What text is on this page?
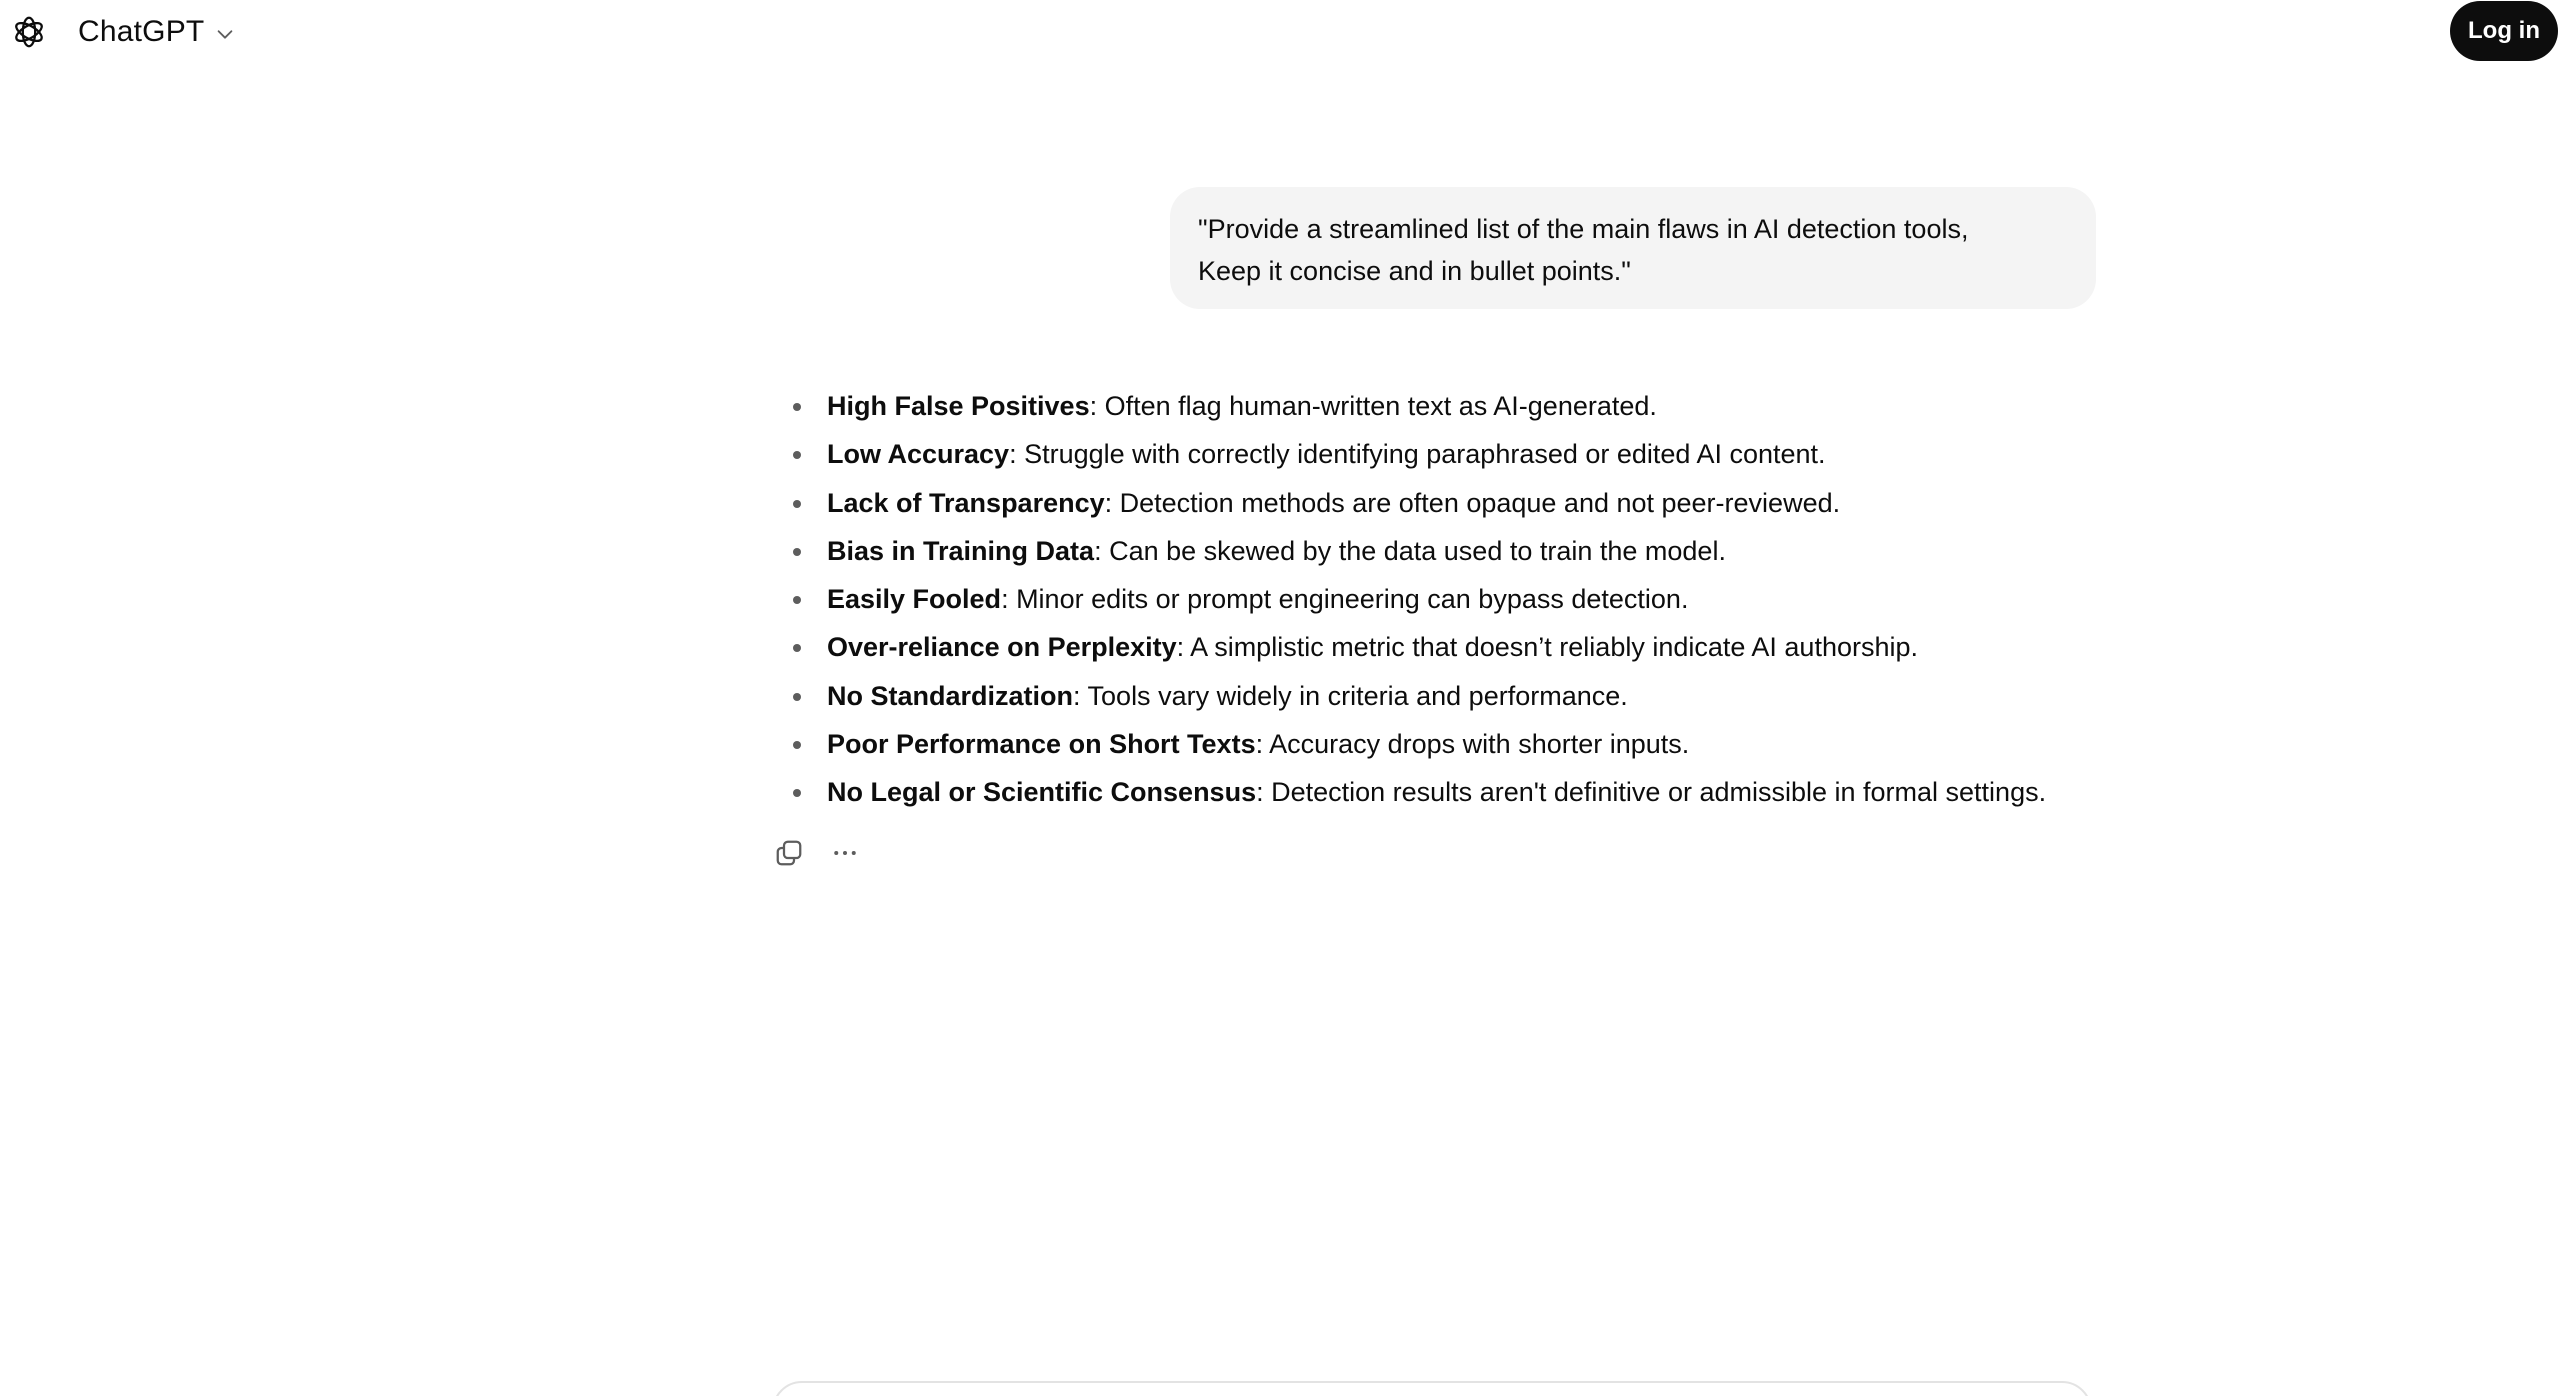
ChatGPT	Log in
"Provide a streamlined list of the main flaws in AI detection tools,
Keep it concise and in bullet points."
High False Positives: Often flag human-written text as AI-generated.
Low Accuracy: Struggle with correctly identifying paraphrased or edited AI content.
Lack of Transparency: Detection methods are often opaque and not peer-reviewed.
Bias in Training Data: Can be skewed by the data used to train the model.
Easily Fooled: Minor edits or prompt engineering can bypass detection.
Over-reliance on Perplexity: A simplistic metric that doesn’t reliably indicate AI authorship.
No Standardization: Tools vary widely in criteria and performance.
Poor Performance on Short Texts: Accuracy drops with shorter inputs.
No Legal or Scientific Consensus: Detection results aren't definitive or admissible in formal settings.
